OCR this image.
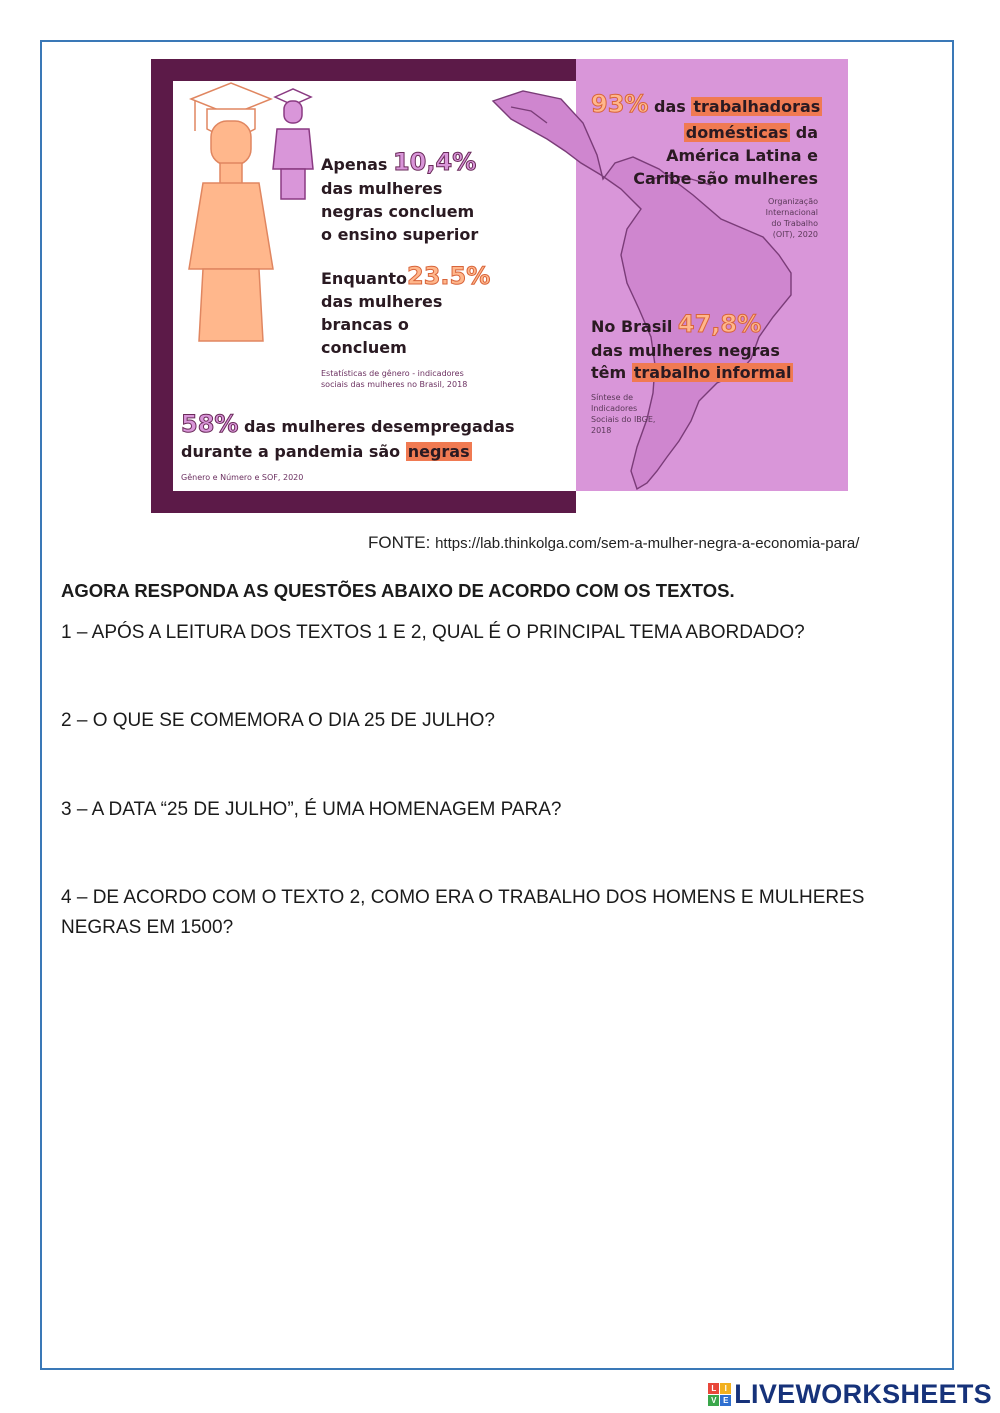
Apenas 10,4%

das mulheres

negras concluem

o ensino superior

Enquanto23.5%

das mulheres

brancas o

concluem

Estatísticas de gênero - indicadores

sociais das mulheres no Brasil, 2018

58% das mulheres desempregadas

durante a pandemia são negras

Gênero e Número e SOF, 2020

93% das trabalhadoras

domésticas da

América Latina e

Caribe são mulheres

Organização

Internacional

do Trabalho

(OIT), 2020

No Brasil 47,8%

das mulheres negras

têm trabalho informal

Síntese de

Indicadores

Sociais do IBGE,

2018

FONTE: https://lab.thinkolga.com/sem-a-mulher-negra-a-economia-para/

AGORA RESPONDA AS QUESTÕES ABAIXO DE ACORDO COM OS TEXTOS.

1 – APÓS A LEITURA DOS TEXTOS 1 E 2, QUAL É O PRINCIPAL TEMA ABORDADO?

2 – O QUE SE COMEMORA O DIA 25 DE JULHO?

3 – A DATA “25 DE JULHO”, É UMA HOMENAGEM PARA?

4 – DE ACORDO COM O TEXTO 2, COMO ERA O TRABALHO DOS HOMENS E MULHERES

NEGRAS EM 1500?

L	I
V E LIVEWORKSHEETS
